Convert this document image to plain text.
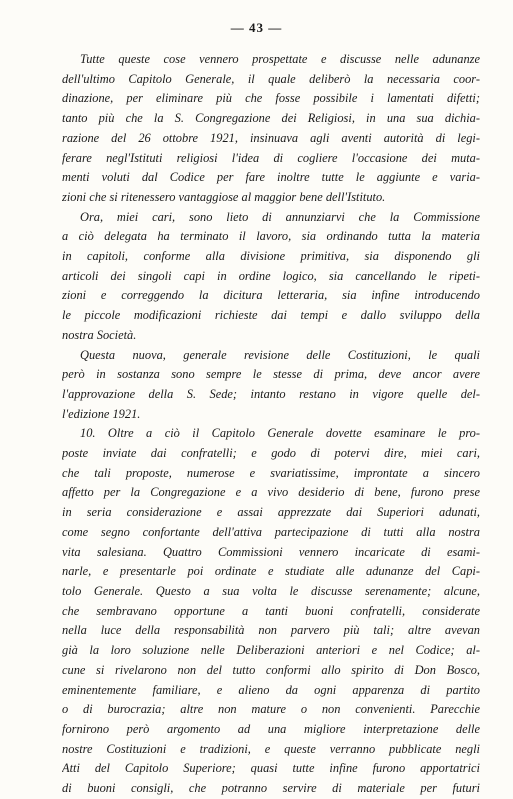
— 43 —
Tutte queste cose vennero prospettate e discusse nelle adunanze
dell'ultimo Capitolo Generale, il quale deliberò la necessaria coor-
dinazione, per eliminare più che fosse possibile i lamentati difetti;
tanto più che la S. Congregazione dei Religiosi, in una sua dichia-
razione del 26 ottobre 1921, insinuava agli aventi autorità di legi-
ferare negl'Istituti religiosi l'idea di cogliere l'occasione dei muta-
menti voluti dal Codice per fare inoltre tutte le aggiunte e varia-
zioni che si ritenessero vantaggiose al maggior bene dell'Istituto.
Ora, miei cari, sono lieto di annunziarvi che la Commissione
a ciò delegata ha terminato il lavoro, sia ordinando tutta la materia
in capitoli, conforme alla divisione primitiva, sia disponendo gli
articoli dei singoli capi in ordine logico, sia cancellando le ripeti-
zioni e correggendo la dicitura letteraria, sia infine introducendo
le piccole modificazioni richieste dai tempi e dallo sviluppo della
nostra Società.
Questa nuova, generale revisione delle Costituzioni, le quali
però in sostanza sono sempre le stesse di prima, deve ancor avere
l'approvazione della S. Sede; intanto restano in vigore quelle del-
l'edizione 1921.
10. Oltre a ciò il Capitolo Generale dovette esaminare le pro-
poste inviate dai confratelli; e godo di potervi dire, miei cari,
che tali proposte, numerose e svariatissime, improntate a sincero
affetto per la Congregazione e a vivo desiderio di bene, furono prese
in seria considerazione e assai apprezzate dai Superiori adunati,
come segno confortante dell'attiva partecipazione di tutti alla nostra
vita salesiana. Quattro Commissioni vennero incaricate di esami-
narle, e presentarle poi ordinate e studiate alle adunanze del Capi-
tolo Generale. Questo a sua volta le discusse serenamente; alcune,
che sembravano opportune a tanti buoni confratelli, considerate
nella luce della responsabilità non parvero più tali; altre avevan
già la loro soluzione nelle Deliberazioni anteriori e nel Codice; al-
cune si rivelarono non del tutto conformi allo spirito di Don Bosco,
eminentemente familiare, e alieno da ogni apparenza di partito
o di burocrazia; altre non mature o non convenienti. Parecchie
fornirono però argomento ad una migliore interpretazione delle
nostre Costituzioni e tradizioni, e queste verranno pubblicate negli
Atti del Capitolo Superiore; quasi tutte infine furono apportatrici
di buoni consigli, che potranno servire di materiale per futuri
